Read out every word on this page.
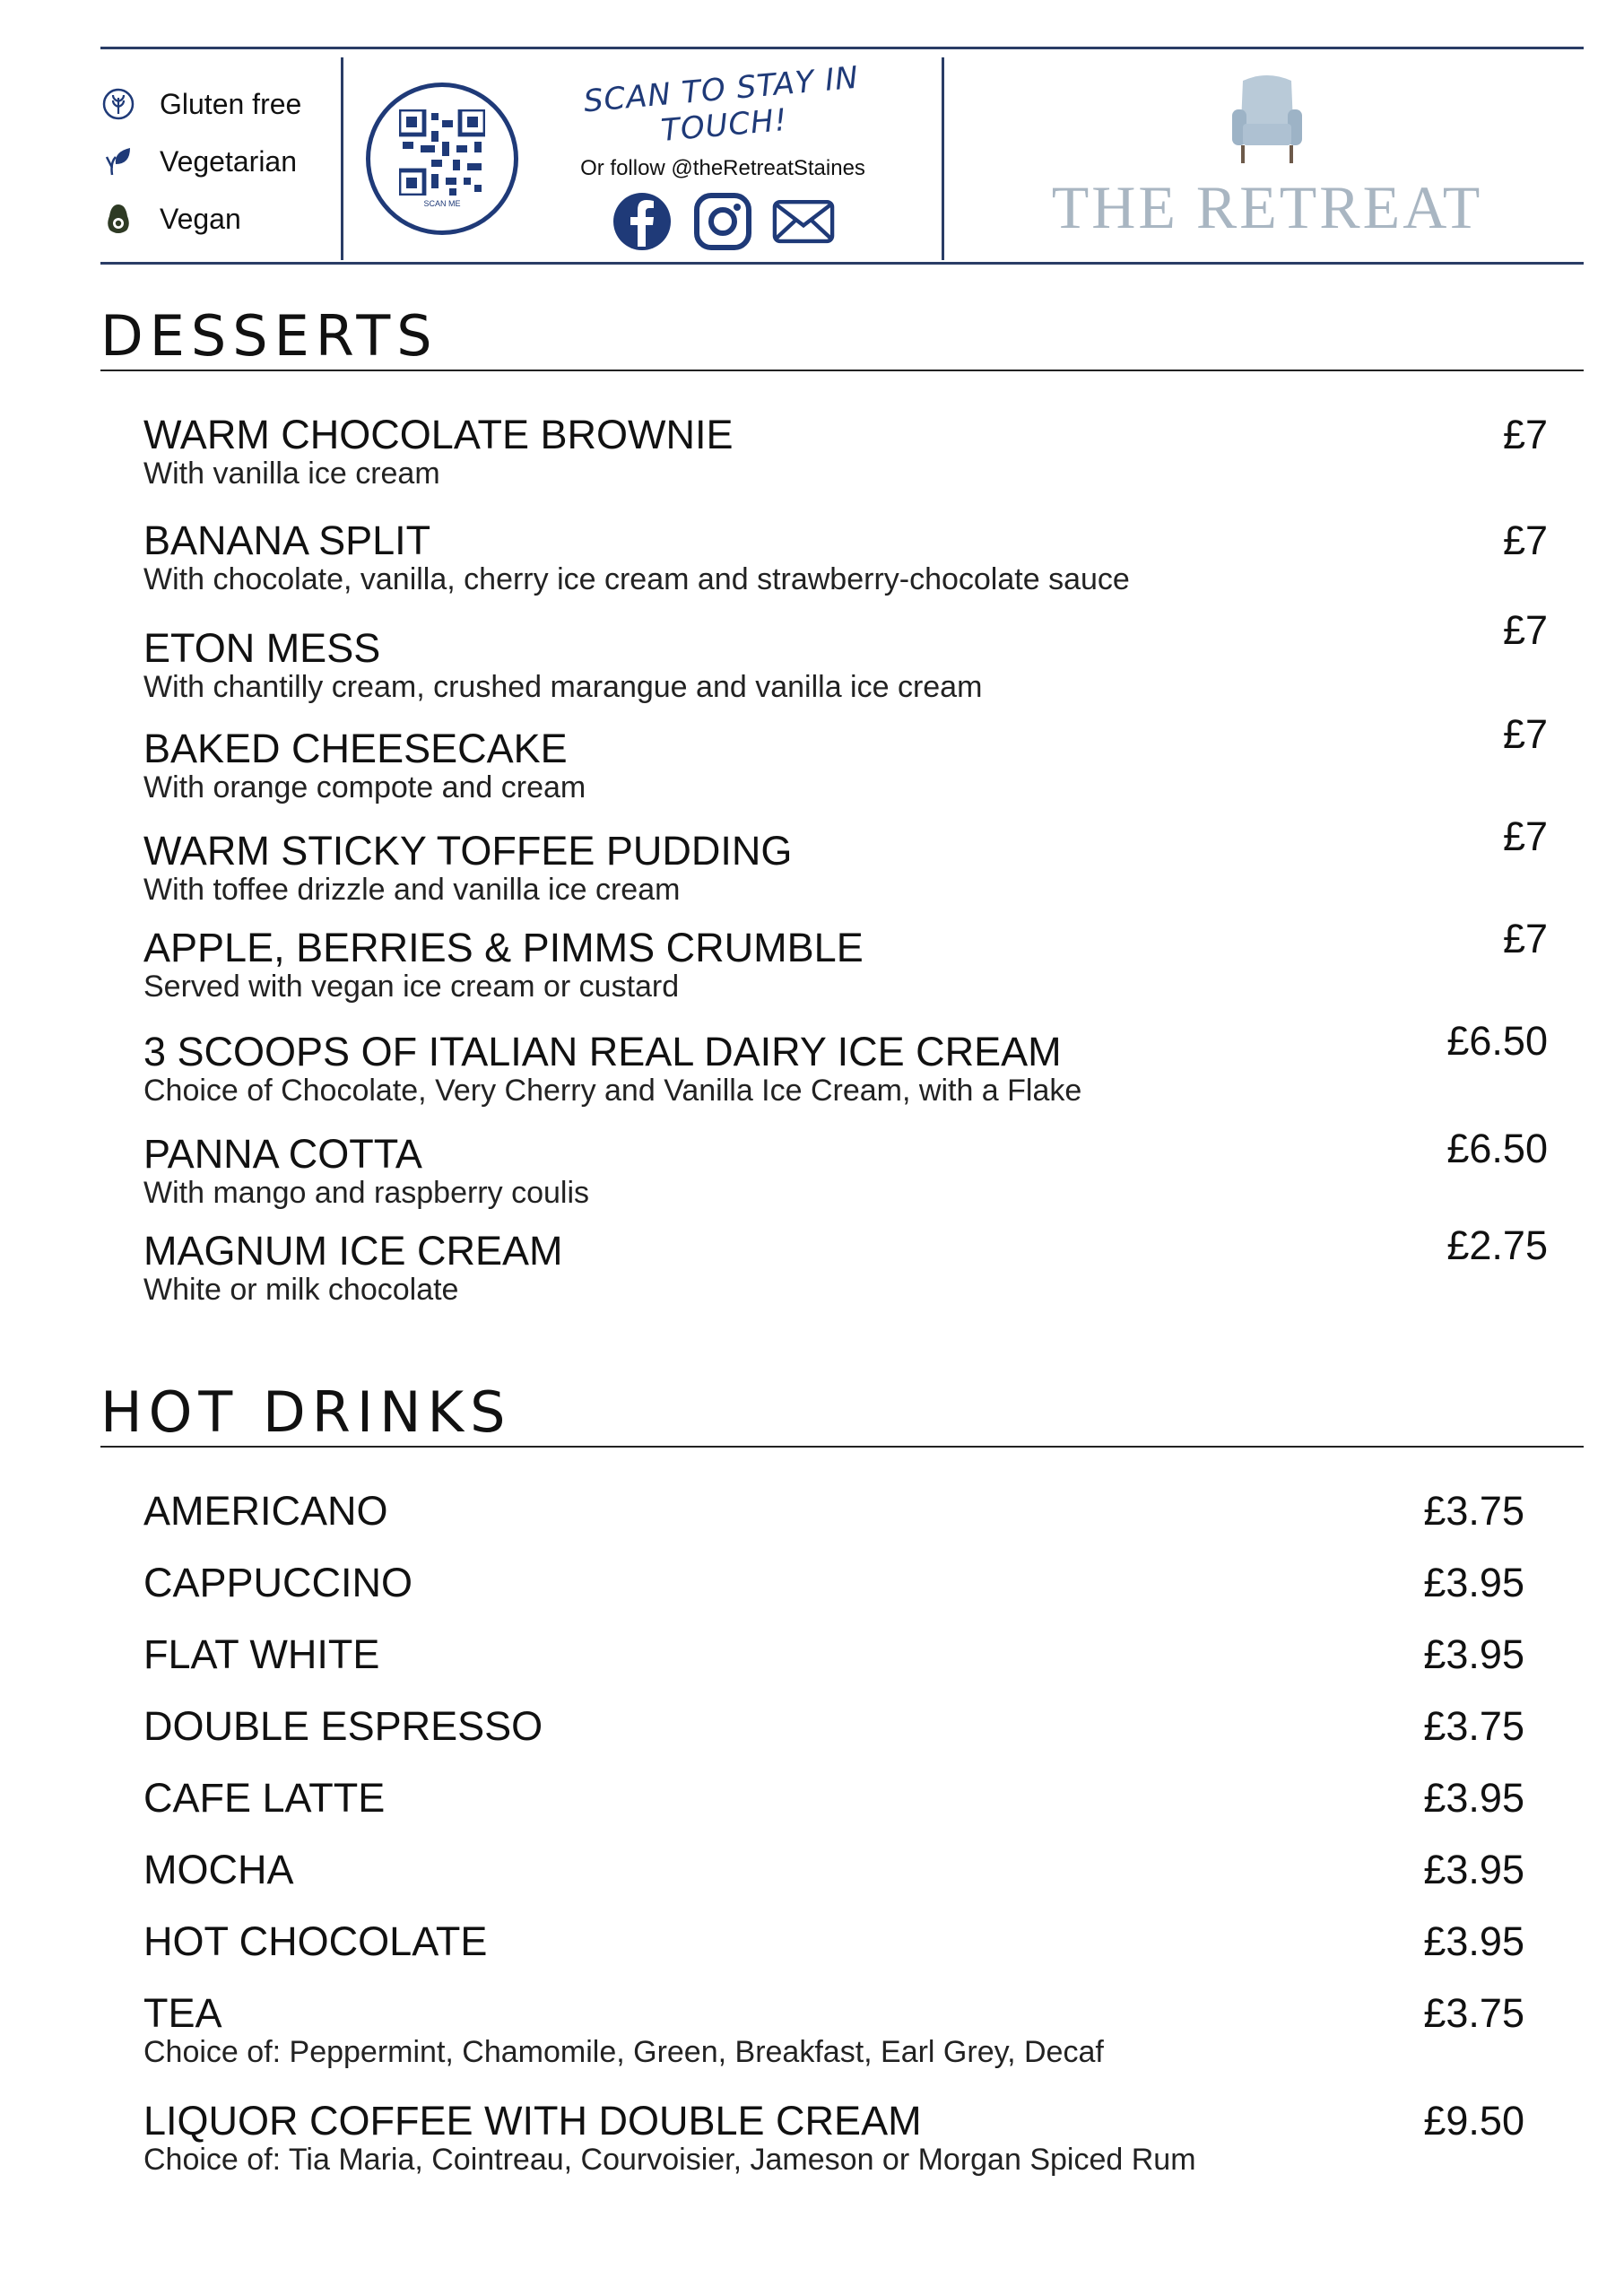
Gluten free
Vegetarian
Vegan	SCAN ME
SCAN TO STAY IN TOUCH!
Or follow @theRetreatStaines
THE RETREAT
DESSERTS
WARM CHOCOLATE BROWNIE
With vanilla ice cream
£7
BANANA SPLIT
With chocolate, vanilla, cherry ice cream and strawberry-chocolate sauce
£7
ETON MESS
With chantilly cream, crushed marangue and vanilla ice cream
£7
BAKED CHEESECAKE
With orange compote and cream
£7
WARM STICKY TOFFEE PUDDING
With toffee drizzle and vanilla ice cream
£7
APPLE, BERRIES & PIMMS CRUMBLE
Served with vegan ice cream or custard
£7
3 SCOOPS OF ITALIAN REAL DAIRY ICE CREAM
Choice of Chocolate, Very Cherry and Vanilla Ice Cream, with a Flake
£6.50
PANNA COTTA
With mango and raspberry coulis
£6.50
MAGNUM ICE CREAM
White or milk chocolate
£2.75
HOT DRINKS
AMERICANO	£3.75
CAPPUCCINO	£3.95
FLAT WHITE	£3.95
DOUBLE ESPRESSO	£3.75
CAFE LATTE	£3.95
MOCHA	£3.95
HOT CHOCOLATE	£3.95
TEA
Choice of: Peppermint, Chamomile, Green, Breakfast, Earl Grey, Decaf
£3.75
LIQUOR COFFEE WITH DOUBLE CREAM
Choice of: Tia Maria, Cointreau, Courvoisier, Jameson or Morgan Spiced Rum
£9.50
